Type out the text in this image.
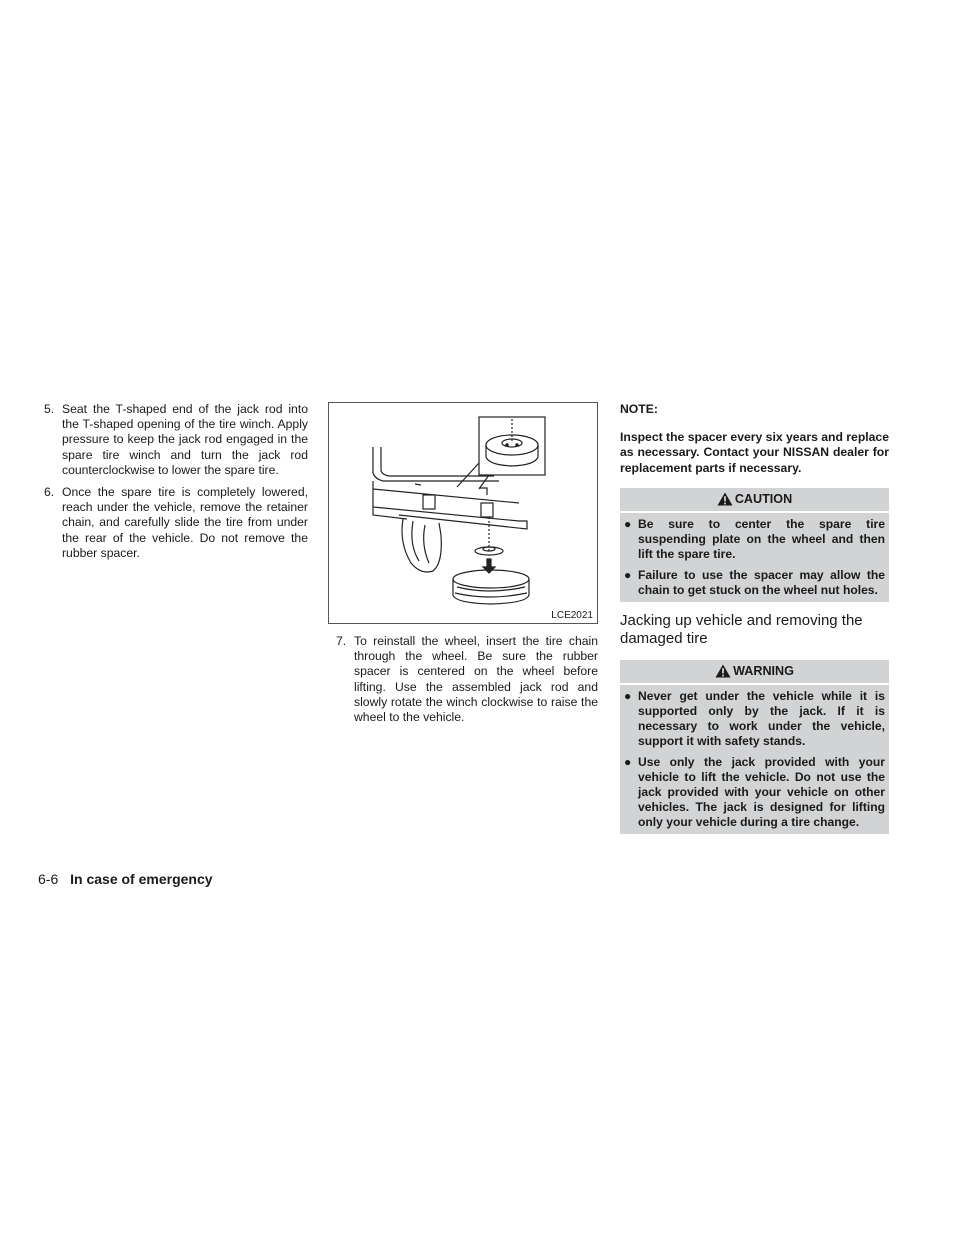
5. Seat the T-shaped end of the jack rod into the T-shaped opening of the tire winch. Apply pressure to keep the jack rod engaged in the spare tire winch and turn the jack rod counterclockwise to lower the spare tire.
6. Once the spare tire is completely lowered, reach under the vehicle, remove the retainer chain, and carefully slide the tire from under the rear of the vehicle. Do not remove the rubber spacer.
LCE2021
7. To reinstall the wheel, insert the tire chain through the wheel. Be sure the rubber spacer is centered on the wheel before lifting. Use the assembled jack rod and slowly rotate the winch clockwise to raise the wheel to the vehicle.

NOTE:

Inspect the spacer every six years and replace as necessary. Contact your NISSAN dealer for replacement parts if necessary.

CAUTION
● Be sure to center the spare tire suspending plate on the wheel and then lift the spare tire.
● Failure to use the spacer may allow the chain to get stuck on the wheel nut holes.
Jacking up vehicle and removing the damaged tire
WARNING
● Never get under the vehicle while it is supported only by the jack. If it is necessary to work under the vehicle, support it with safety stands.
● Use only the jack provided with your vehicle to lift the vehicle. Do not use the jack provided with your vehicle on other vehicles. The jack is designed for lifting only your vehicle during a tire change.
6-6 In case of emergency
